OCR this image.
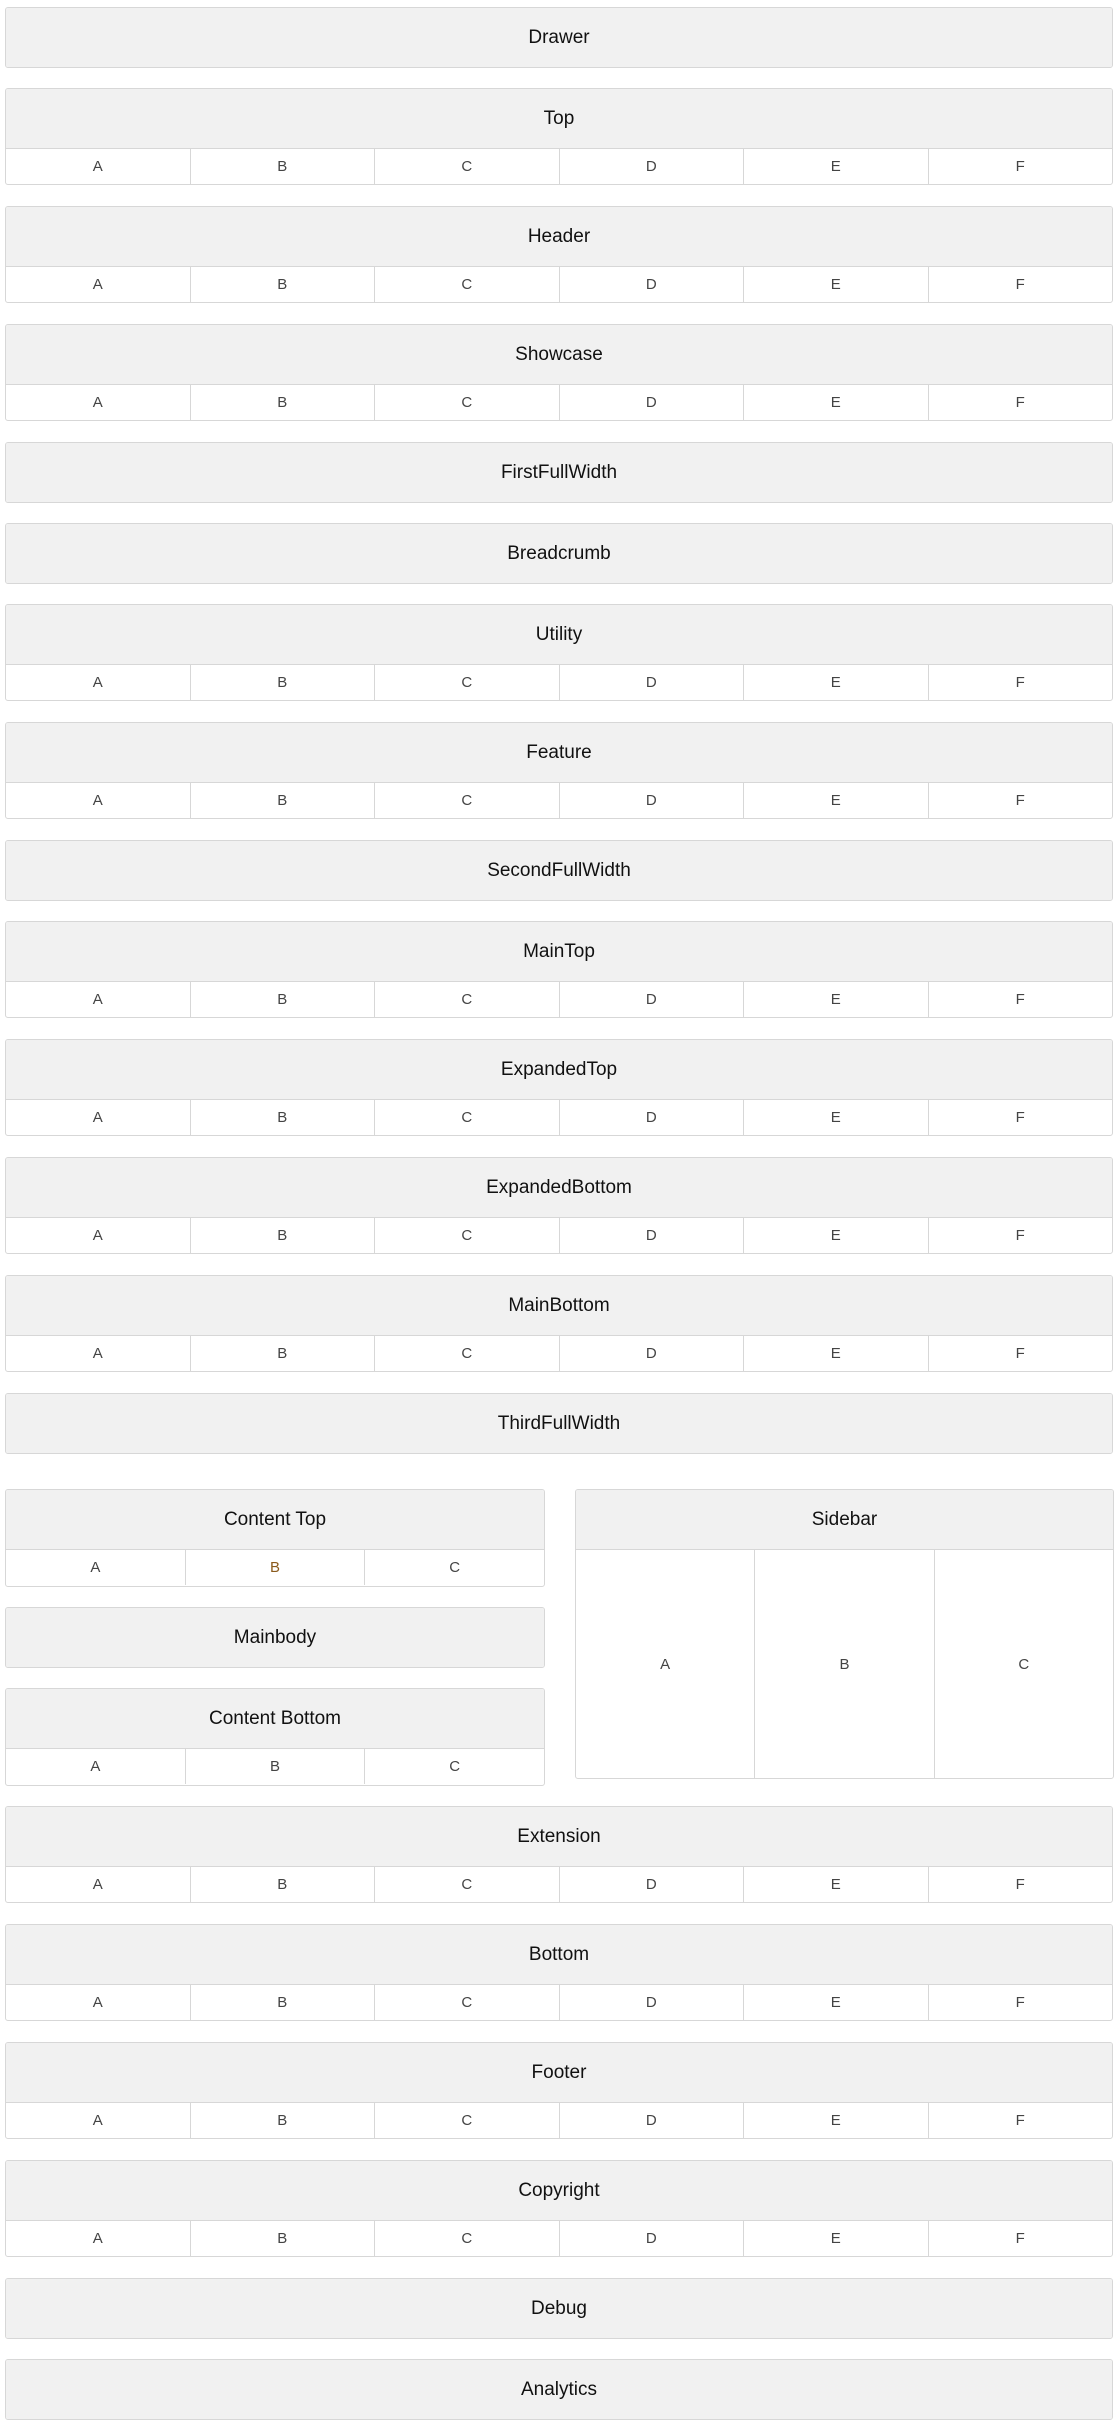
Drawer
Top
A	B	C	D	E	F
Header
A	B	C	D	E	F
Showcase
A	B	C	D	E	F
FirstFullWidth
Breadcrumb
Utility
A	B	C	D	E	F
Feature
A	B	C	D	E	F
SecondFullWidth
MainTop
A	B	C	D	E	F
ExpandedTop
A	B	C	D	E	F
ExpandedBottom
A	B	C	D	E	F
MainBottom
A	B	C	D	E	F
ThirdFullWidth
Content Top
A	B	C
Mainbody
Content Bottom
A	B	C
Sidebar
A	B	C
Extension
A	B	C	D	E	F
Bottom
A	B	C	D	E	F
Footer
A	B	C	D	E	F
Copyright
A	B	C	D	E	F
Debug
Analytics
